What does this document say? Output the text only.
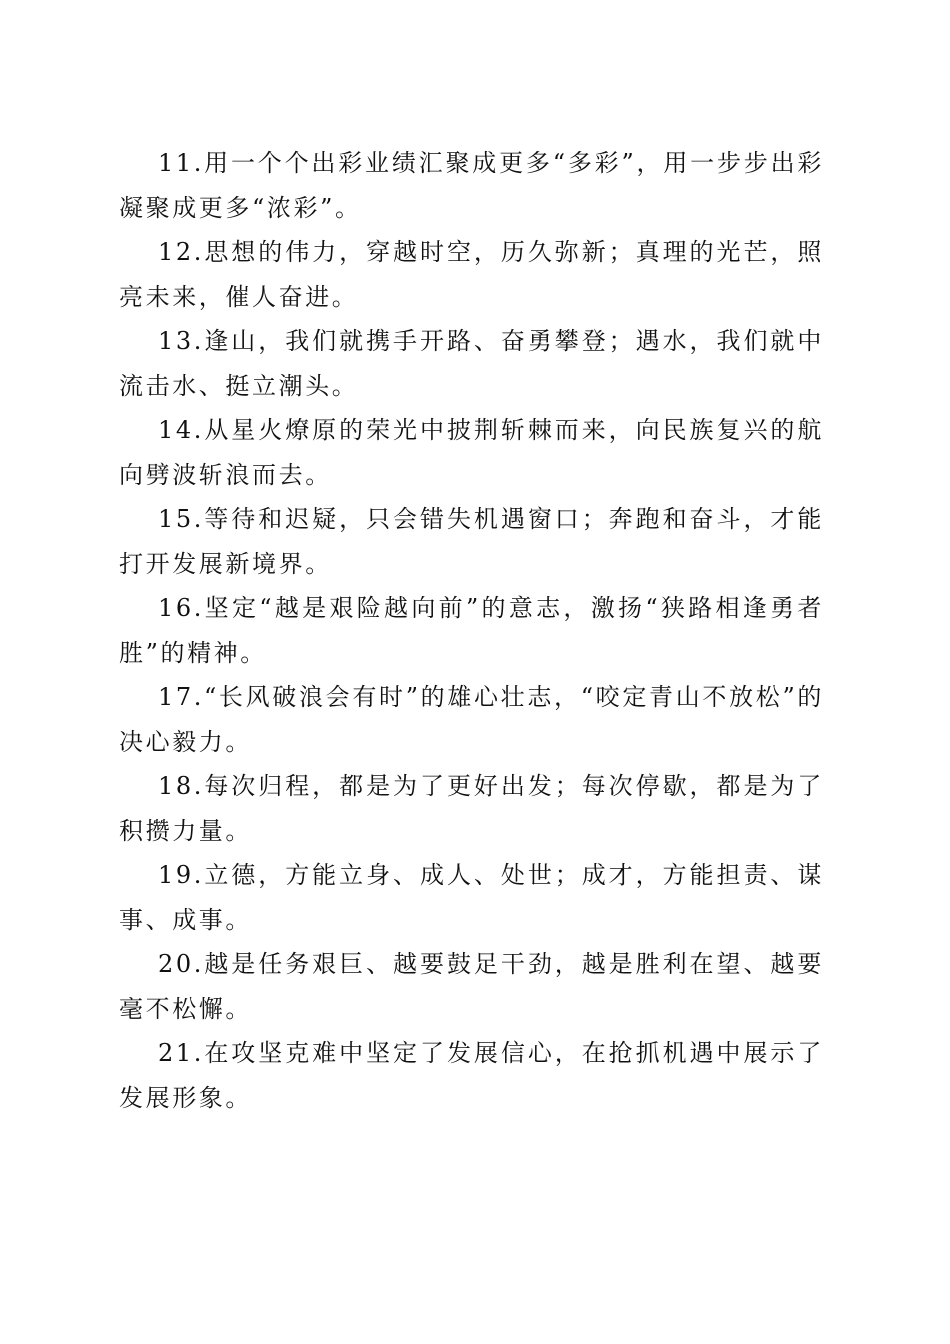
11.用一个个出彩业绩汇聚成更多“多彩”，用一步步出彩凝聚成更多“浓彩”。

12.思想的伟力，穿越时空，历久弥新；真理的光芒，照亮未来，催人奋进。

13.逢山，我们就携手开路、奋勇攀登；遇水，我们就中流击水、挺立潮头。

14.从星火燎原的荣光中披荆斩棘而来，向民族复兴的航向劈波斩浪而去。

15.等待和迟疑，只会错失机遇窗口；奔跑和奋斗，才能打开发展新境界。

16.坚定“越是艰险越向前”的意志，激扬“狭路相逢勇者胜”的精神。

17.“长风破浪会有时”的雄心壮志，“咬定青山不放松”的决心毅力。

18.每次归程，都是为了更好出发；每次停歇，都是为了积攒力量。

19.立德，方能立身、成人、处世；成才，方能担责、谋事、成事。

20.越是任务艰巨、越要鼓足干劲，越是胜利在望、越要毫不松懈。

21.在攻坚克难中坚定了发展信心，在抢抓机遇中展示了发展形象。
